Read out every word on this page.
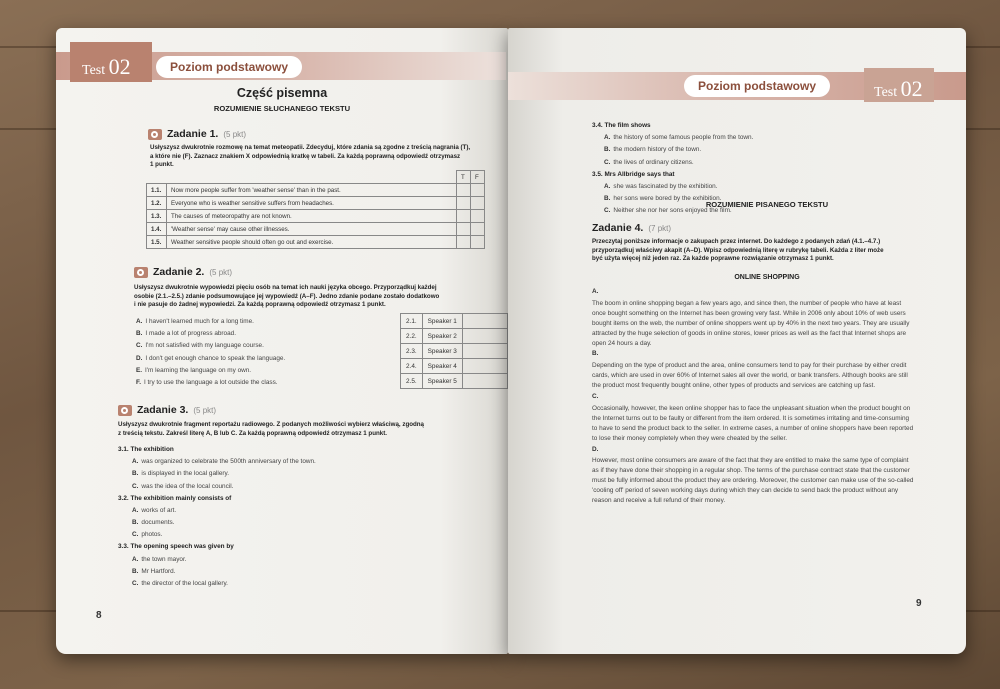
Test 02	Poziom podstawowy
Część pisemna
ROZUMIENIE SŁUCHANEGO TEKSTU
Zadanie 1. (5 pkt)
Usłyszysz dwukrotnie rozmowę na temat meteopatii. Zdecyduj, które zdania są zgodne z treścią nagrania (T),
a które nie (F). Zaznacz znakiem X odpowiednią kratkę w tabeli. Za każdą poprawną odpowiedź otrzymasz
1 punkt.
		T	F
1.1.	Now more people suffer from 'weather sense' than in the past.		
1.2.	Everyone who is weather sensitive suffers from headaches.		
1.3.	The causes of meteoropathy are not known.		
1.4.	'Weather sense' may cause other illnesses.		
1.5.	Weather sensitive people should often go out and exercise.		
Zadanie 2. (5 pkt)
Usłyszysz dwukrotnie wypowiedzi pięciu osób na temat ich nauki języka obcego. Przyporządkuj każdej
osobie (2.1.–2.5.) zdanie podsumowujące jej wypowiedź (A–F). Jedno zdanie podane zostało dodatkowo
i nie pasuje do żadnej wypowiedzi. Za każdą poprawną odpowiedź otrzymasz 1 punkt.
A. I haven't learned much for a long time.
B. I made a lot of progress abroad.
C. I'm not satisfied with my language course.
D. I don't get enough chance to speak the language.
E. I'm learning the language on my own.
F. I try to use the language a lot outside the class.
2.1.	Speaker 1	
2.2.	Speaker 2	
2.3.	Speaker 3	
2.4.	Speaker 4	
2.5.	Speaker 5	
Zadanie 3. (5 pkt)
Usłyszysz dwukrotnie fragment reportażu radiowego. Z podanych możliwości wybierz właściwą, zgodną
z treścią tekstu. Zakreśl literę A, B lub C. Za każdą poprawną odpowiedź otrzymasz 1 punkt.
3.1. The exhibition
A. was organized to celebrate the 500th anniversary of the town.
B. is displayed in the local gallery.
C. was the idea of the local council.
3.2. The exhibition mainly consists of
A. works of art.
B. documents.
C. photos.
3.3. The opening speech was given by
A. the town mayor.
B. Mr Hartford.
C. the director of the local gallery.
8
Poziom podstawowy	Test 02
3.4. The film shows
A. the history of some famous people from the town.
B. the modern history of the town.
C. the lives of ordinary citizens.
3.5. Mrs Allbridge says that
A. she was fascinated by the exhibition.
B. her sons were bored by the exhibition.
C. Neither she nor her sons enjoyed the film.
ROZUMIENIE PISANEGO TEKSTU
Zadanie 4. (7 pkt)
Przeczytaj poniższe informacje o zakupach przez internet. Do każdego z podanych zdań (4.1.–4.7.)
przyporządkuj właściwy akapit (A–D). Wpisz odpowiednią literę w rubrykę tabeli. Każda z liter może
być użyta więcej niż jeden raz. Za każde poprawne rozwiązanie otrzymasz 1 punkt.
ONLINE SHOPPING
A.
The boom in online shopping began a few years ago, and since then, the number of people who have at least
once bought something on the Internet has been growing very fast. While in 2006 only about 10% of web users
bought items on the web, the number of online shoppers went up by 40% in the next two years. They are usually
attracted by the huge selection of goods in online stores, lower prices as well as the fact that Internet shops are
open 24 hours a day.
B.
Depending on the type of product and the area, online consumers tend to pay for their purchase by either credit
cards, which are used in over 60% of Internet sales all over the world, or bank transfers. Although books are still
the product most frequently bought online, other types of products and services are catching up fast.
C.
Occasionally, however, the keen online shopper has to face the unpleasant situation when the product bought on
the Internet turns out to be faulty or different from the item ordered. It is sometimes irritating and time-consuming
to have to send the product back to the seller. In extreme cases, a number of online shoppers have been reported
to lose their money completely when they were cheated by the seller.
D.
However, most online consumers are aware of the fact that they are entitled to make the same type of complaint
as if they have done their shopping in a regular shop. The terms of the purchase contract state that the customer
must be fully informed about the product they are ordering. Moreover, the customer can make use of the so-called
'cooling off' period of seven working days during which they can decide to send back the product without any
reason and receive a full refund of their money.
9
